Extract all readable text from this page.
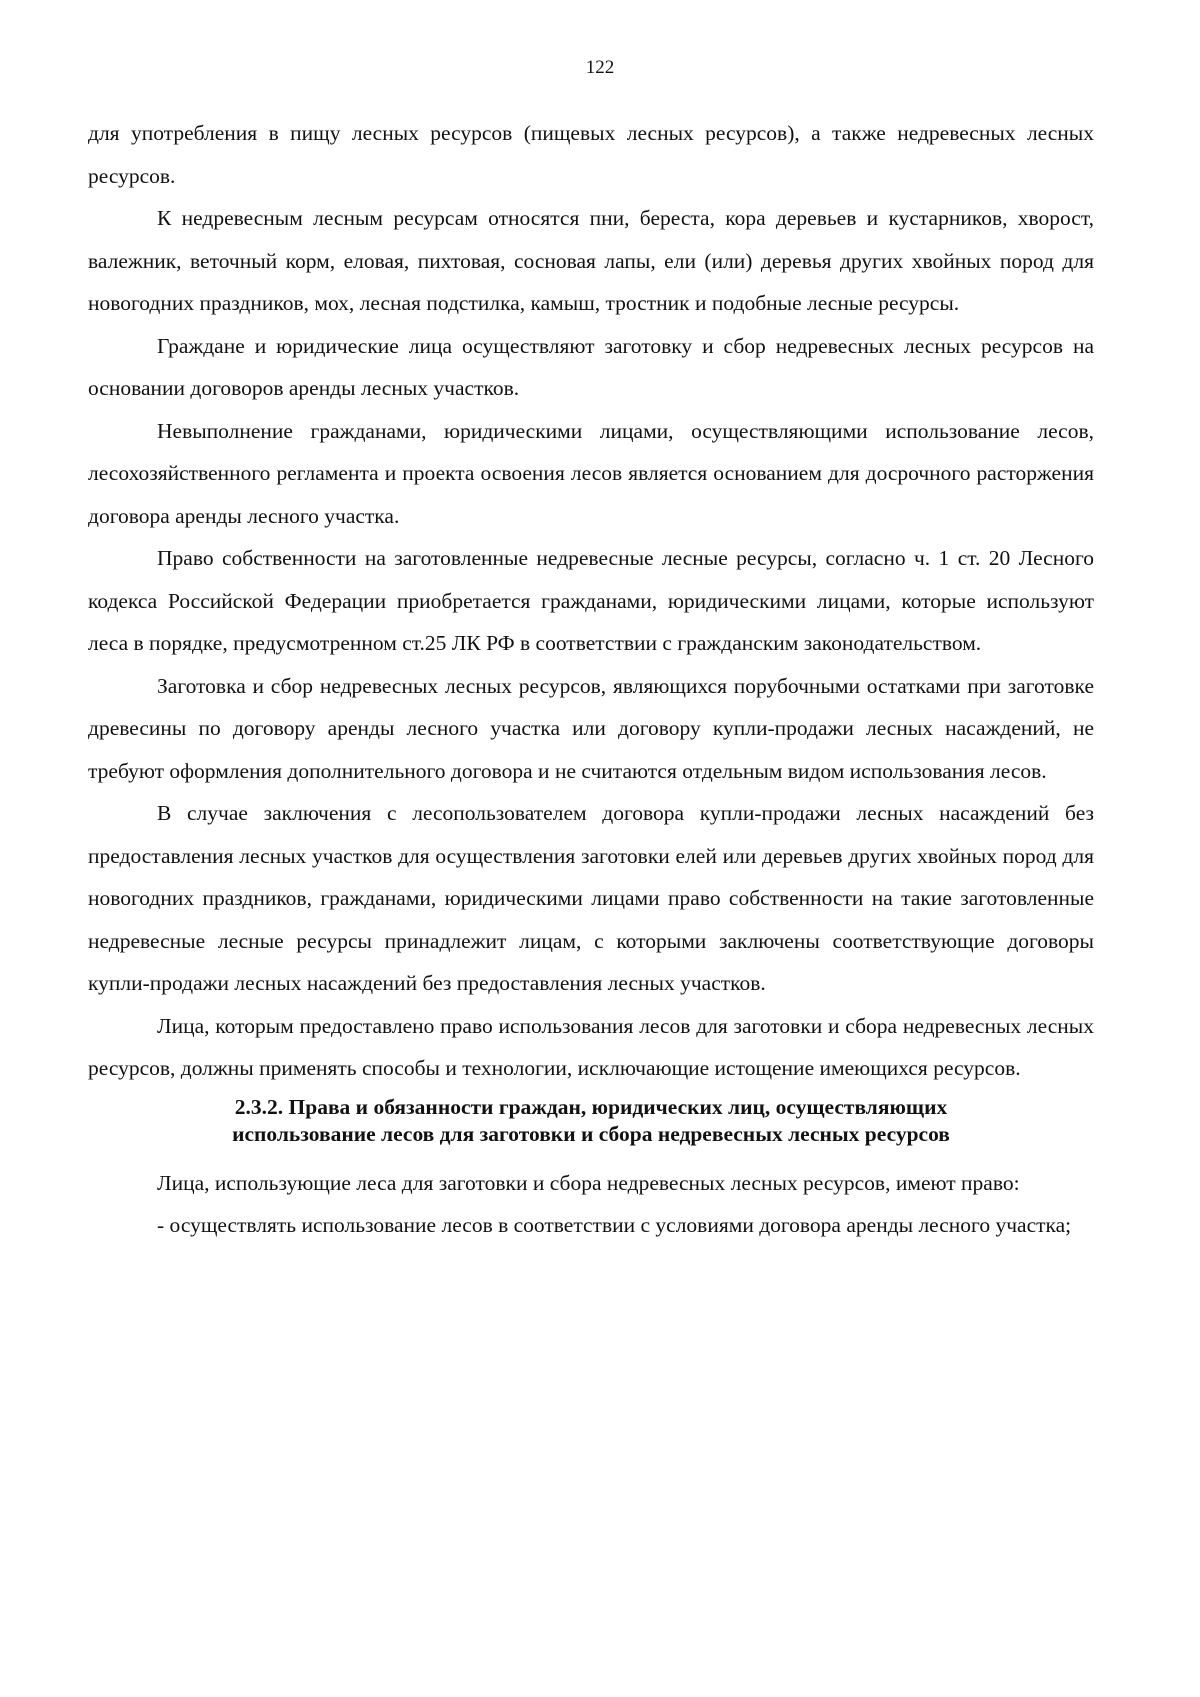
122

для употребления в пищу лесных ресурсов (пищевых лесных ресурсов), а также недревесных лесных ресурсов.

К недревесным лесным ресурсам относятся пни, береста, кора деревьев и кустарников, хворост, валежник, веточный корм, еловая, пихтовая, сосновая лапы, ели (или) деревья других хвойных пород для новогодних праздников, мох, лесная подстилка, камыш, тростник и подобные лесные ресурсы.

Граждане и юридические лица осуществляют заготовку и сбор недревесных лесных ресурсов на основании договоров аренды лесных участков.

Невыполнение гражданами, юридическими лицами, осуществляющими использование лесов, лесохозяйственного регламента и проекта освоения лесов является основанием для досрочного расторжения договора аренды лесного участка.

Право собственности на заготовленные недревесные лесные ресурсы, согласно ч. 1 ст. 20 Лесного кодекса Российской Федерации приобретается гражданами, юридическими лицами, которые используют леса в порядке, предусмотренном ст.25 ЛК РФ в соответствии с гражданским законодательством.

Заготовка и сбор недревесных лесных ресурсов, являющихся порубочными остатками при заготовке древесины по договору аренды лесного участка или договору купли-продажи лесных насаждений, не требуют оформления дополнительного договора и не считаются отдельным видом использования лесов.

В случае заключения с лесопользователем договора купли-продажи лесных насаждений без предоставления лесных участков для осуществления заготовки елей или деревьев других хвойных пород для новогодних праздников, гражданами, юридическими лицами право собственности на такие заготовленные недревесные лесные ресурсы принадлежит лицам, с которыми заключены соответствующие договоры купли-продажи лесных насаждений без предоставления лесных участков.

Лица, которым предоставлено право использования лесов для заготовки и сбора недревесных лесных ресурсов, должны применять способы и технологии, исключающие истощение имеющихся ресурсов.

2.3.2. Права и обязанности граждан, юридических лиц, осуществляющих
использование лесов для заготовки и сбора недревесных лесных ресурсов

Лица, использующие леса для заготовки и сбора недревесных лесных ресурсов, имеют право:

- осуществлять использование лесов в соответствии с условиями договора аренды лесного участка;
